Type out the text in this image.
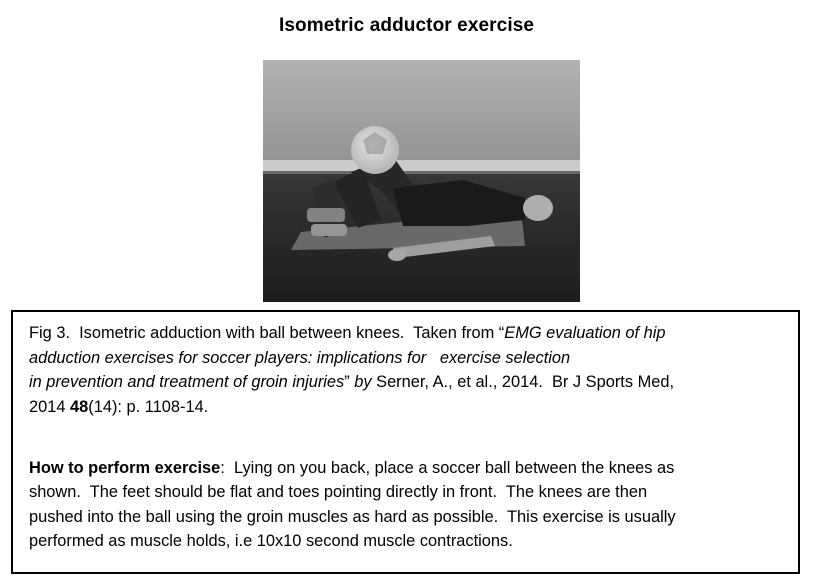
Isometric adductor exercise
Fig 3.  Isometric adduction with ball between knees.  Taken from “EMG evaluation of hip
adduction exercises for soccer players: implications for   exercise selection
in prevention and treatment of groin injuries” by Serner, A., et al., 2014.  Br J Sports Med,
2014 48(14): p. 1108-14.
How to perform exercise:  Lying on you back, place a soccer ball between the knees as
shown.  The feet should be flat and toes pointing directly in front.  The knees are then
pushed into the ball using the groin muscles as hard as possible.  This exercise is usually
performed as muscle holds, i.e 10x10 second muscle contractions.
